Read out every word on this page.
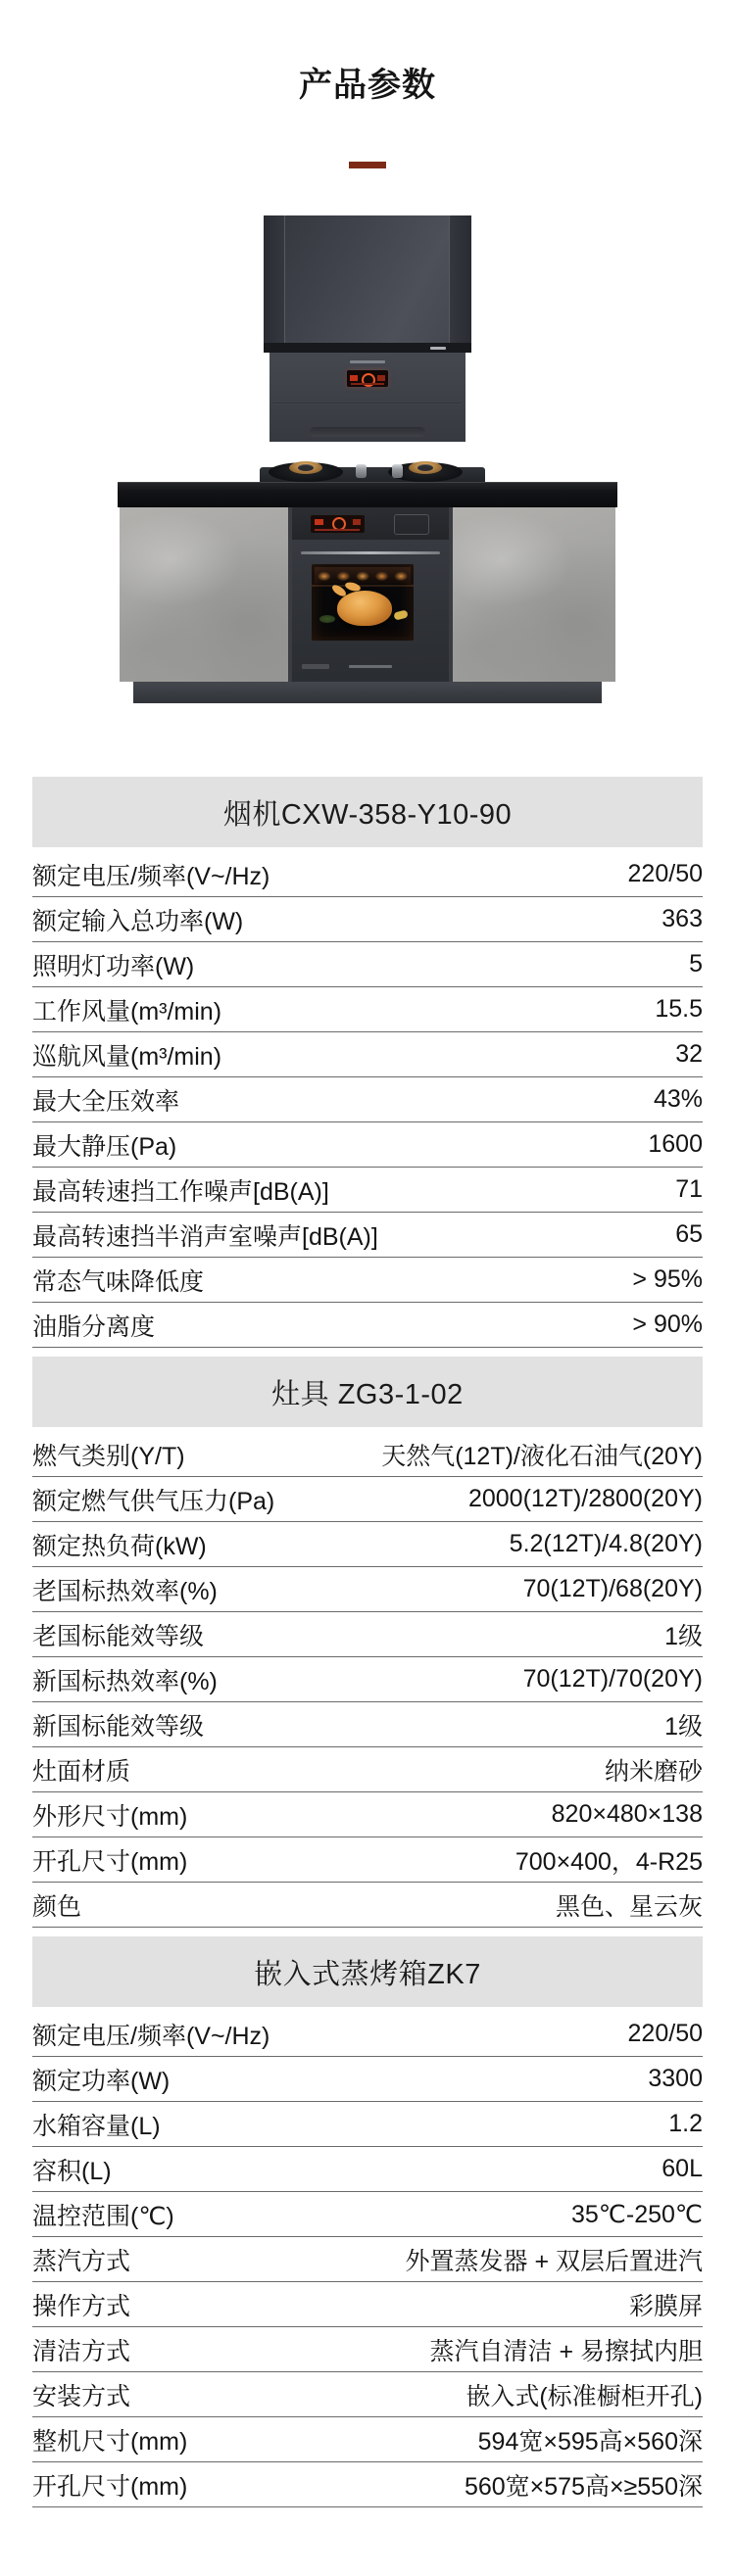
产品参数
烟机CXW-358-Y10-90
额定电压/频率(V~/Hz)	220/50
额定输入总功率(W)	363
照明灯功率(W)	5
工作风量(m³/min)	15.5
巡航风量(m³/min)	32
最大全压效率	43%
最大静压(Pa)	1600
最高转速挡工作噪声[dB(A)]	71
最高转速挡半消声室噪声[dB(A)]	65
常态气味降低度	> 95%
油脂分离度	> 90%
灶具 ZG3-1-02
燃气类别(Y/T)	天然气(12T)/液化石油气(20Y)
额定燃气供气压力(Pa)	2000(12T)/2800(20Y)
额定热负荷(kW)	5.2(12T)/4.8(20Y)
老国标热效率(%)	70(12T)/68(20Y)
老国标能效等级	1级
新国标热效率(%)	70(12T)/70(20Y)
新国标能效等级	1级
灶面材质	纳米磨砂
外形尺寸(mm)	820×480×138
开孔尺寸(mm)	700×400，4-R25
颜色	黑色、星云灰
嵌入式蒸烤箱ZK7
额定电压/频率(V~/Hz)	220/50
额定功率(W)	3300
水箱容量(L)	1.2
容积(L)	60L
温控范围(℃)	35℃-250℃
蒸汽方式	外置蒸发器 + 双层后置进汽
操作方式	彩膜屏
清洁方式	蒸汽自清洁 + 易擦拭内胆
安装方式	嵌入式(标准橱柜开孔)
整机尺寸(mm)	594宽×595高×560深
开孔尺寸(mm)	560宽×575高×≥550深
